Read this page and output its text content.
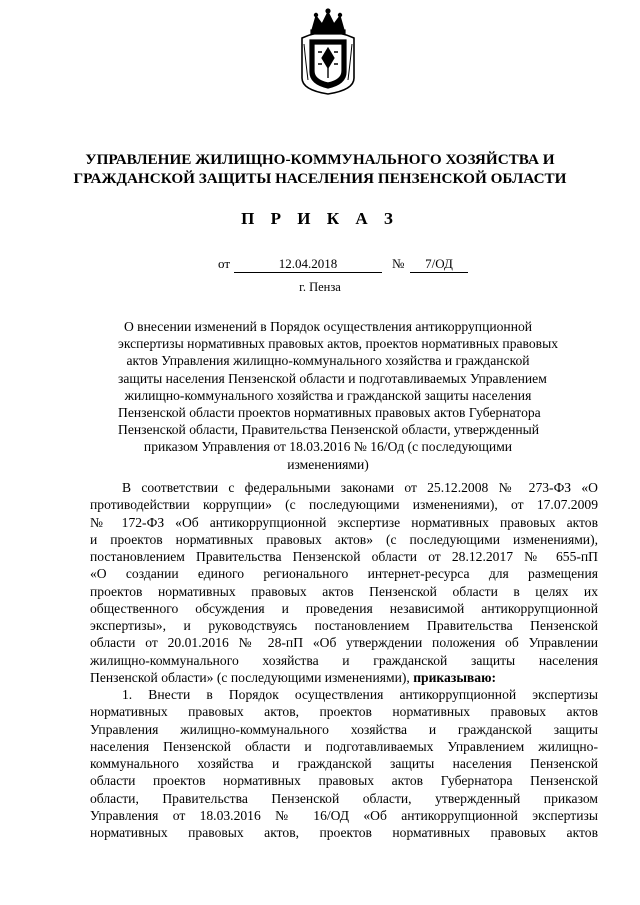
УПРАВЛЕНИЕ ЖИЛИЩНО-КОММУНАЛЬНОГО ХОЗЯЙСТВА И
ГРАЖДАНСКОЙ ЗАЩИТЫ НАСЕЛЕНИЯ ПЕНЗЕНСКОЙ ОБЛАСТИ
П Р И К А З
от	12.04.2018	№	7/ОД
г. Пенза
О внесении изменений в Порядок осуществления антикоррупционной
экспертизы нормативных правовых актов, проектов нормативных правовых
актов Управления жилищно-коммунального хозяйства и гражданской
защиты населения Пензенской области и подготавливаемых Управлением
жилищно-коммунального хозяйства и гражданской защиты населения
Пензенской области проектов нормативных правовых актов Губернатора
Пензенской области, Правительства Пензенской области, утвержденный
приказом Управления от 18.03.2016 № 16/Од (с последующими
изменениями)
В соответствии с федеральными законами от 25.12.2008 № 273-ФЗ «О
противодействии коррупции» (с последующими изменениями), от 17.07.2009
№ 172-ФЗ «Об антикоррупционной экспертизе нормативных правовых актов
и проектов нормативных правовых актов» (с последующими изменениями),
постановлением Правительства Пензенской области от 28.12.2017 № 655-пП
«О создании единого регионального интернет-ресурса для размещения
проектов нормативных правовых актов Пензенской области в целях их
общественного обсуждения и проведения независимой антикоррупционной
экспертизы», и руководствуясь постановлением Правительства Пензенской
области от 20.01.2016 № 28-пП «Об утверждении положения об Управлении
жилищно-коммунального хозяйства и гражданской защиты населения
Пензенской области» (с последующими изменениями), приказываю:
1. Внести в Порядок осуществления антикоррупционной экспертизы
нормативных правовых актов, проектов нормативных правовых актов
Управления жилищно-коммунального хозяйства и гражданской защиты
населения Пензенской области и подготавливаемых Управлением жилищно-
коммунального хозяйства и гражданской защиты населения Пензенской
области проектов нормативных правовых актов Губернатора Пензенской
области, Правительства Пензенской области, утвержденный приказом
Управления от 18.03.2016 № 16/ОД «Об антикоррупционной экспертизы
нормативных правовых актов, проектов нормативных правовых актов
